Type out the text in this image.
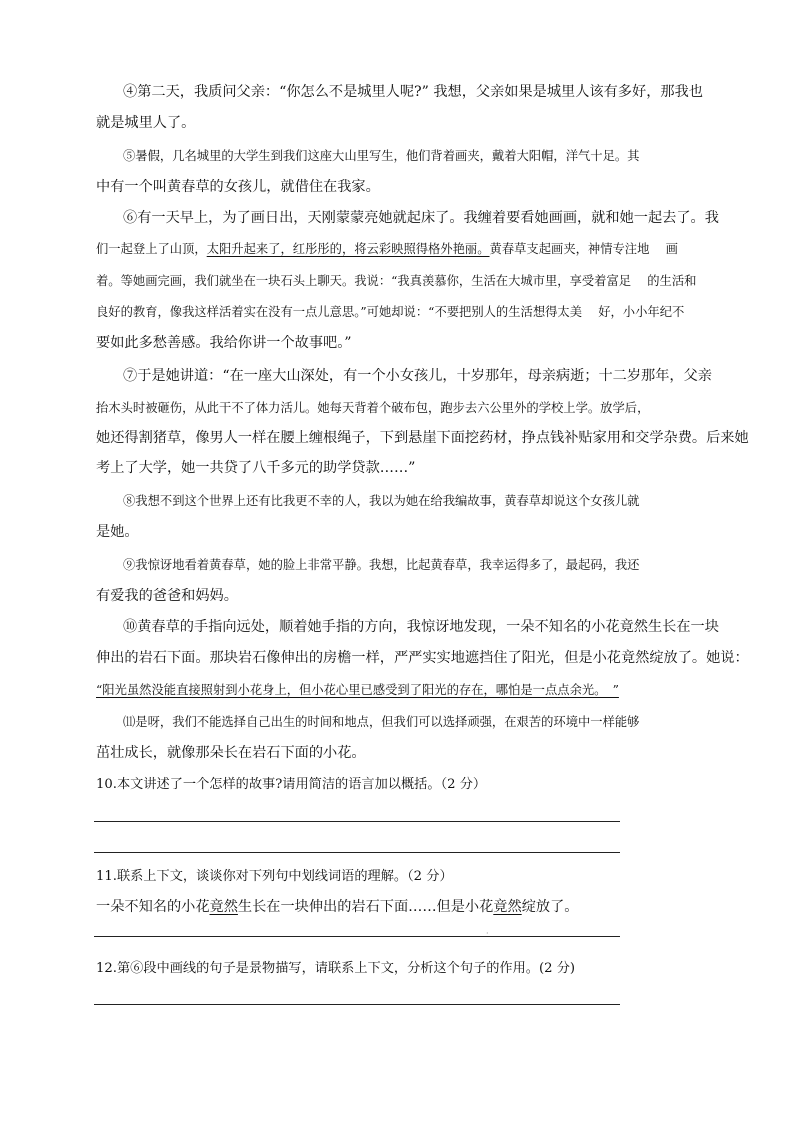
④第二天，我质问父亲：“你怎么不是城里人呢?” 我想，父亲如果是城里人该有多好，那我也
就是城里人了。
⑤暑假，几名城里的大学生到我们这座大山里写生，他们背着画夹，戴着大阳帽，洋气十足。其
中有一个叫黄春草的女孩儿，就借住在我家。
⑥有一天早上，为了画日出，天刚蒙蒙亮她就起床了。我缠着要看她画画，就和她一起去了。我
们一起登上了山顶，太阳升起来了，红彤彤的，将云彩映照得格外艳丽。黄春草支起画夹，神情专注地　 画
着。等她画完画，我们就坐在一块石头上聊天。我说：“我真羡慕你，生活在大城市里，享受着富足　 的生活和
良好的教育，像我这样活着实在没有一点儿意思。”可她却说：“不要把别人的生活想得太美　 好，小小年纪不
要如此多愁善感。我给你讲一个故事吧。”
⑦于是她讲道：“在一座大山深处，有一个小女孩儿，十岁那年，母亲病逝；十二岁那年，父亲
抬木头时被砸伤，从此干不了体力活儿。她每天背着个破布包，跑步去六公里外的学校上学。放学后，
她还得割猪草，像男人一样在腰上缠根绳子，下到悬崖下面挖药材，挣点钱补贴家用和交学杂费。后来她
考上了大学，她一共贷了八千多元的助学贷款……”
⑧我想不到这个世界上还有比我更不幸的人，我以为她在给我编故事，黄春草却说这个女孩儿就
是她。
⑨我惊讶地看着黄春草，她的脸上非常平静。我想，比起黄春草，我幸运得多了，最起码，我还
有爱我的爸爸和妈妈。
⑩黄春草的手指向远处，顺着她手指的方向，我惊讶地发现，一朵不知名的小花竟然生长在一块
伸出的岩石下面。那块岩石像伸出的房檐一样，严严实实地遮挡住了阳光，但是小花竟然绽放了。她说：
“阳光虽然没能直接照射到小花身上，但小花心里已感受到了阳光的存在，哪怕是一点点余光。　”
⑾是呀，我们不能选择自己出生的时间和地点，但我们可以选择顽强，在艰苦的环境中一样能够
茁壮成长，就像那朵长在岩石下面的小花。
10.本文讲述了一个怎样的故事?请用简洁的语言加以概括。（2 分）
11.联系上下文，谈谈你对下列句中划线词语的理解。（2 分）
一朵不知名的小花竟然生长在一块伸出的岩石下面……但是小花竟然绽放了。
·
12.第⑥段中画线的句子是景物描写，请联系上下文，分析这个句子的作用。(2 分)
